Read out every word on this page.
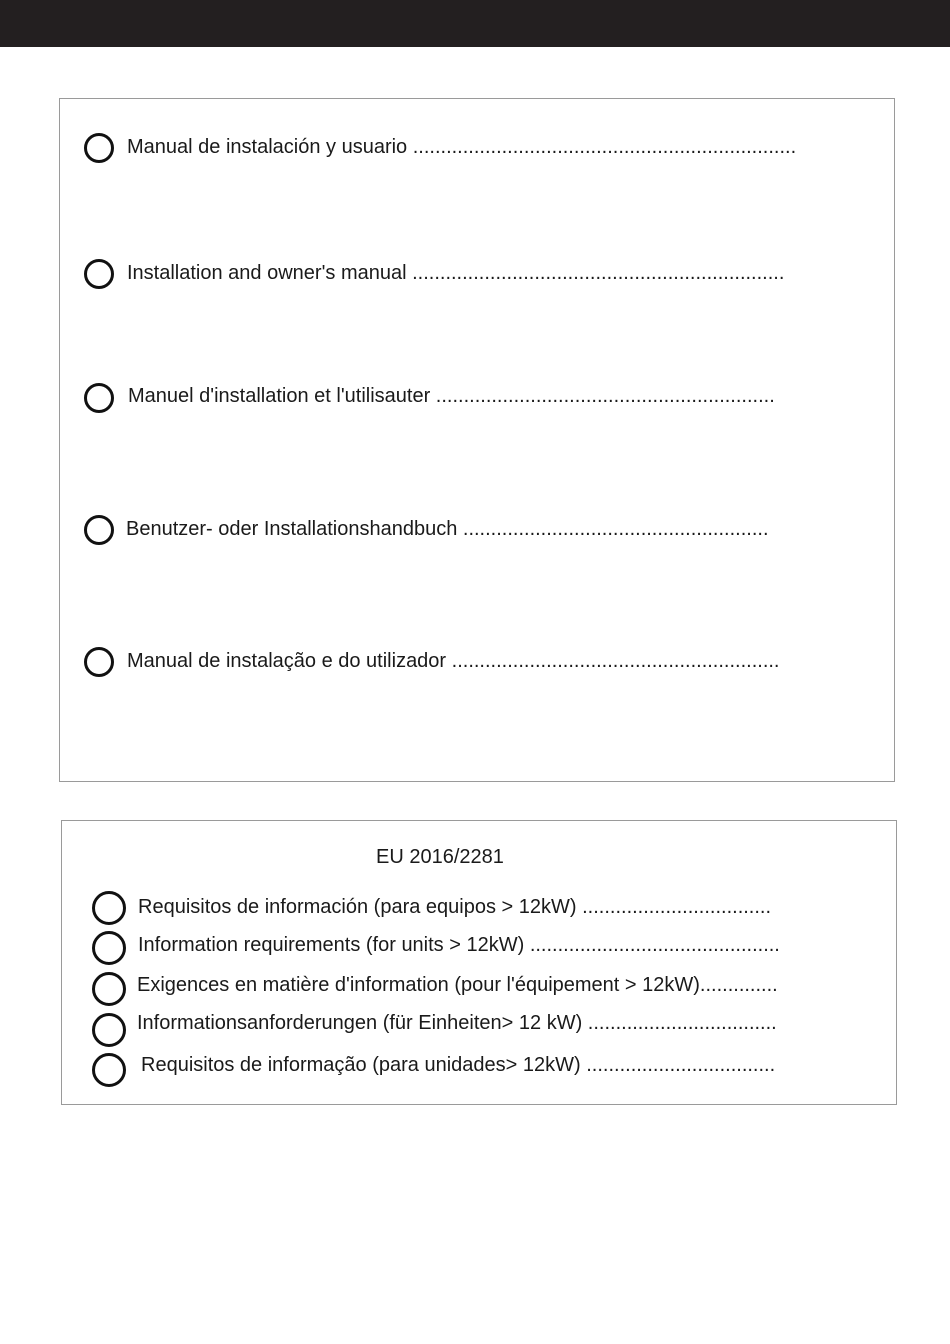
Manual de instalación y usuario .....................................................................
Installation and owner's manual ...................................................................
Manuel d'installation et l'utilisauter .............................................................
Benutzer- oder Installationshandbuch .......................................................
Manual de instalação e do utilizador ...........................................................
EU 2016/2281
Requisitos de información (para equipos > 12kW) ..................................
Information requirements (for units > 12kW) .............................................
Exigences en matière d'information (pour l'équipement > 12kW)..............
Informationsanforderungen (für Einheiten> 12 kW) ..................................
Requisitos de informação (para unidades> 12kW) ..................................
